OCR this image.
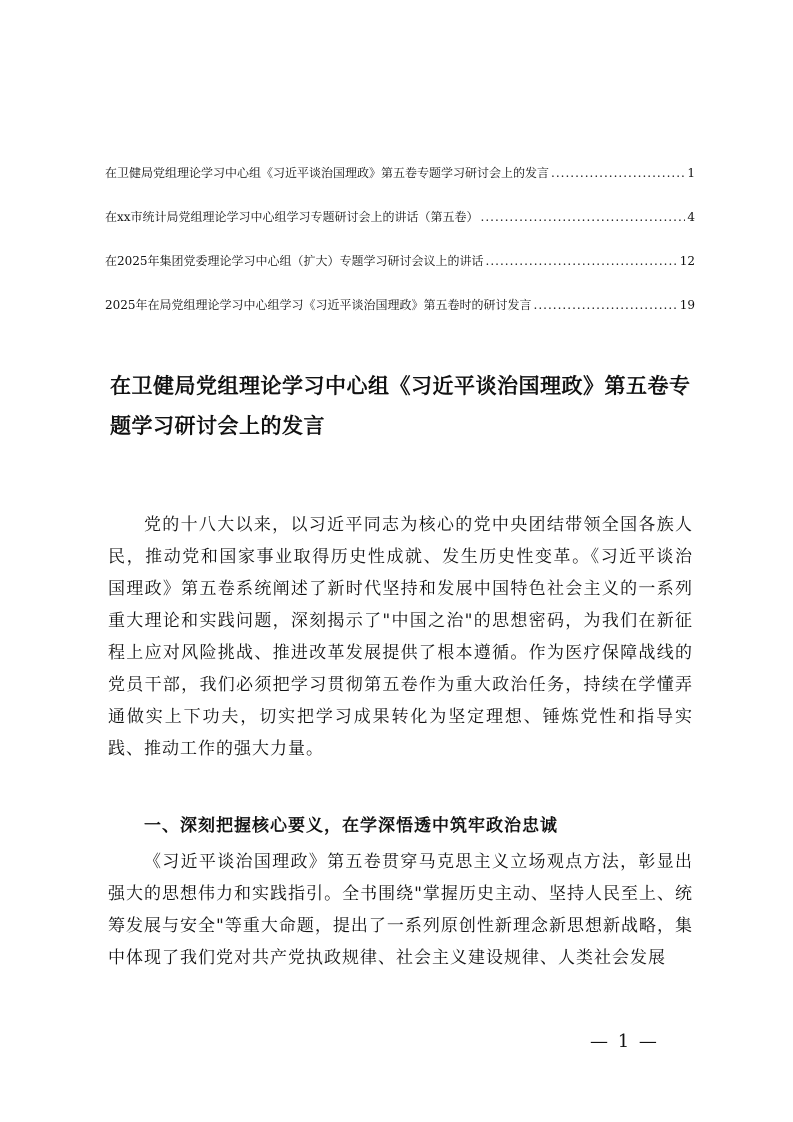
在卫健局党组理论学习中心组《习近平谈治国理政》第五卷专题学习研讨会上的发言 .....	1
在xx市统计局党组理论学习中心组学习专题研讨会上的讲话（第五卷） .....	4
在2025年集团党委理论学习中心组（扩大）专题学习研讨会议上的讲话 .....	12
2025年在局党组理论学习中心组学习《习近平谈治国理政》第五卷时的研讨发言 .....	19
在卫健局党组理论学习中心组《习近平谈治国理政》第五卷专题学习研讨会上的发言

党的十八大以来，以习近平同志为核心的党中央团结带领全国各族人民，推动党和国家事业取得历史性成就、发生历史性变革。《习近平谈治国理政》第五卷系统阐述了新时代坚持和发展中国特色社会主义的一系列重大理论和实践问题，深刻揭示了"中国之治"的思想密码，为我们在新征程上应对风险挑战、推进改革发展提供了根本遵循。作为医疗保障战线的党员干部，我们必须把学习贯彻第五卷作为重大政治任务，持续在学懂弄通做实上下功夫，切实把学习成果转化为坚定理想、锤炼党性和指导实践、推动工作的强大力量。

一、深刻把握核心要义，在学深悟透中筑牢政治忠诚

《习近平谈治国理政》第五卷贯穿马克思主义立场观点方法，彰显出强大的思想伟力和实践指引。全书围绕"掌握历史主动、坚持人民至上、统筹发展与安全"等重大命题，提出了一系列原创性新理念新思想新战略，集中体现了我们党对共产党执政规律、社会主义建设规律、人类社会发展

— 1 —
